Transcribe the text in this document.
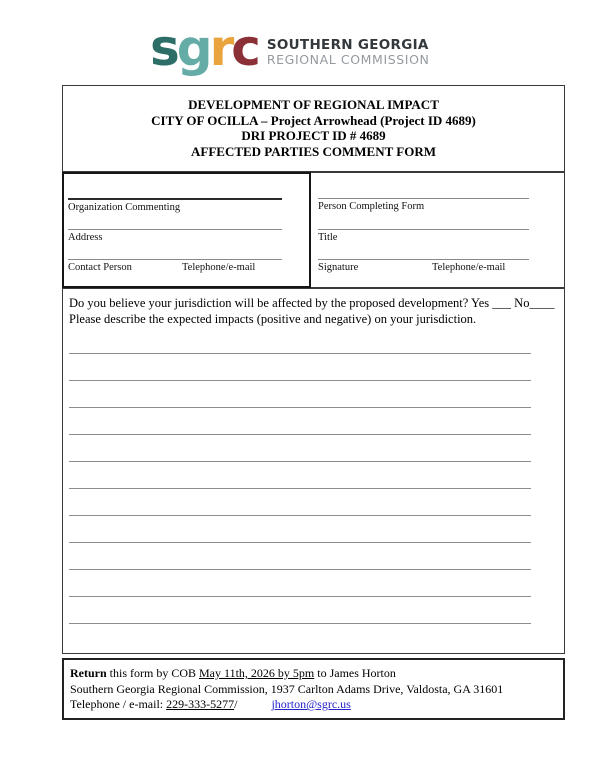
sgrc SOUTHERN GEORGIA
REGIONAL COMMISSION
DEVELOPMENT OF REGIONAL IMPACT
CITY OF OCILLA – Project Arrowhead (Project ID 4689)
DRI PROJECT ID # 4689
AFFECTED PARTIES COMMENT FORM
Organization Commenting
Address
Contact Person	Telephone/e-mail
Person Completing Form
Title
Signature	Telephone/e-mail
Do you believe your jurisdiction will be affected by the proposed development? Yes ___ No____
Please describe the expected impacts (positive and negative) on your jurisdiction.
Return this form by COB May 11th, 2026 by 5pm to James Horton
Southern Georgia Regional Commission, 1937 Carlton Adams Drive, Valdosta, GA 31601
Telephone / e-mail: 229-333-5277/	jhorton@sgrc.us
